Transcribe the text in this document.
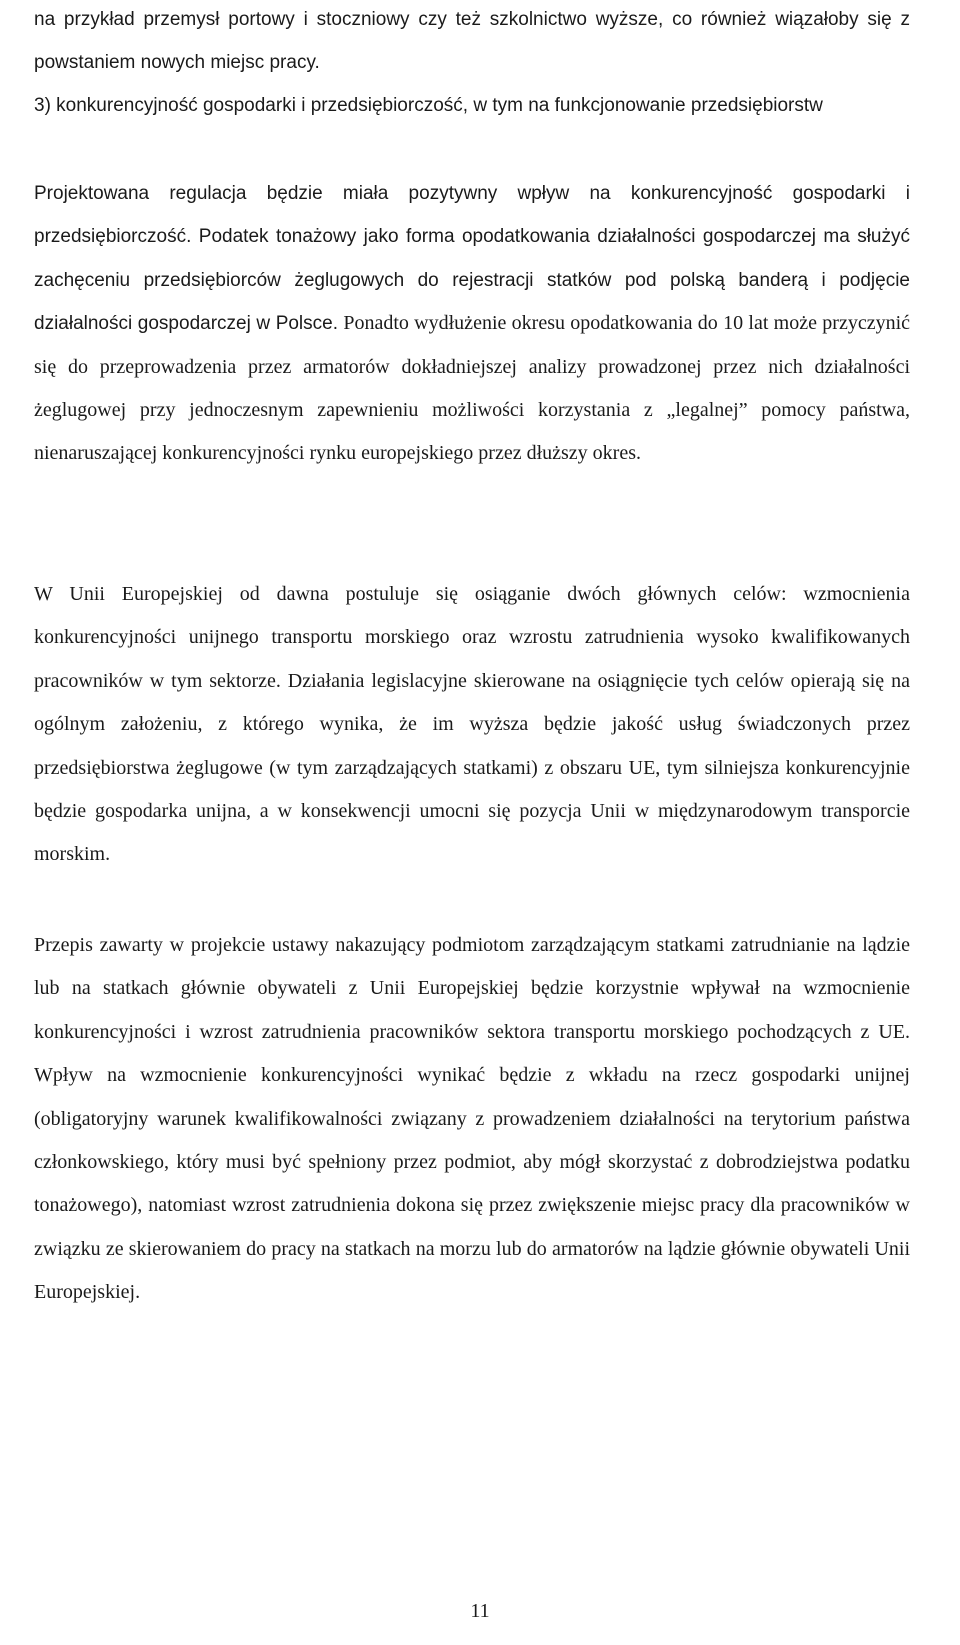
na przykład przemysł portowy i stoczniowy czy też szkolnictwo wyższe, co również wiązałoby się z powstaniem nowych miejsc pracy.

3) konkurencyjność gospodarki i przedsiębiorczość, w tym na funkcjonowanie przedsiębiorstw

Projektowana regulacja będzie miała pozytywny wpływ na konkurencyjność gospodarki i przedsiębiorczość. Podatek tonażowy jako forma opodatkowania działalności gospodarczej ma służyć zachęceniu przedsiębiorców żeglugowych do rejestracji statków pod polską banderą i podjęcie działalności gospodarczej w Polsce. Ponadto wydłużenie okresu opodatkowania do 10 lat może przyczynić się do przeprowadzenia przez armatorów dokładniejszej analizy prowadzonej przez nich działalności żeglugowej przy jednoczesnym zapewnieniu możliwości korzystania z „legalnej” pomocy państwa, nienaruszającej konkurencyjności rynku europejskiego przez dłuższy okres.

W Unii Europejskiej od dawna postuluje się osiąganie dwóch głównych celów: wzmocnienia konkurencyjności unijnego transportu morskiego oraz wzrostu zatrudnienia wysoko kwalifikowanych pracowników w tym sektorze. Działania legislacyjne skierowane na osiągnięcie tych celów opierają się na ogólnym założeniu, z którego wynika, że im wyższa będzie jakość usług świadczonych przez przedsiębiorstwa żeglugowe (w tym zarządzających statkami) z obszaru UE, tym silniejsza konkurencyjnie będzie gospodarka unijna, a w konsekwencji umocni się pozycja Unii w międzynarodowym transporcie morskim.

Przepis zawarty w projekcie ustawy nakazujący podmiotom zarządzającym statkami zatrudnianie na lądzie lub na statkach głównie obywateli z Unii Europejskiej będzie korzystnie wpływał na wzmocnienie konkurencyjności i wzrost zatrudnienia pracowników sektora transportu morskiego pochodzących z UE. Wpływ na wzmocnienie konkurencyjności wynikać będzie z wkładu na rzecz gospodarki unijnej (obligatoryjny warunek kwalifikowalności związany z prowadzeniem działalności na terytorium państwa członkowskiego, który musi być spełniony przez podmiot, aby mógł skorzystać z dobrodziejstwa podatku tonażowego), natomiast wzrost zatrudnienia dokona się przez zwiększenie miejsc pracy dla pracowników w związku ze skierowaniem do pracy na statkach na morzu lub do armatorów na lądzie głównie obywateli Unii Europejskiej.

11
